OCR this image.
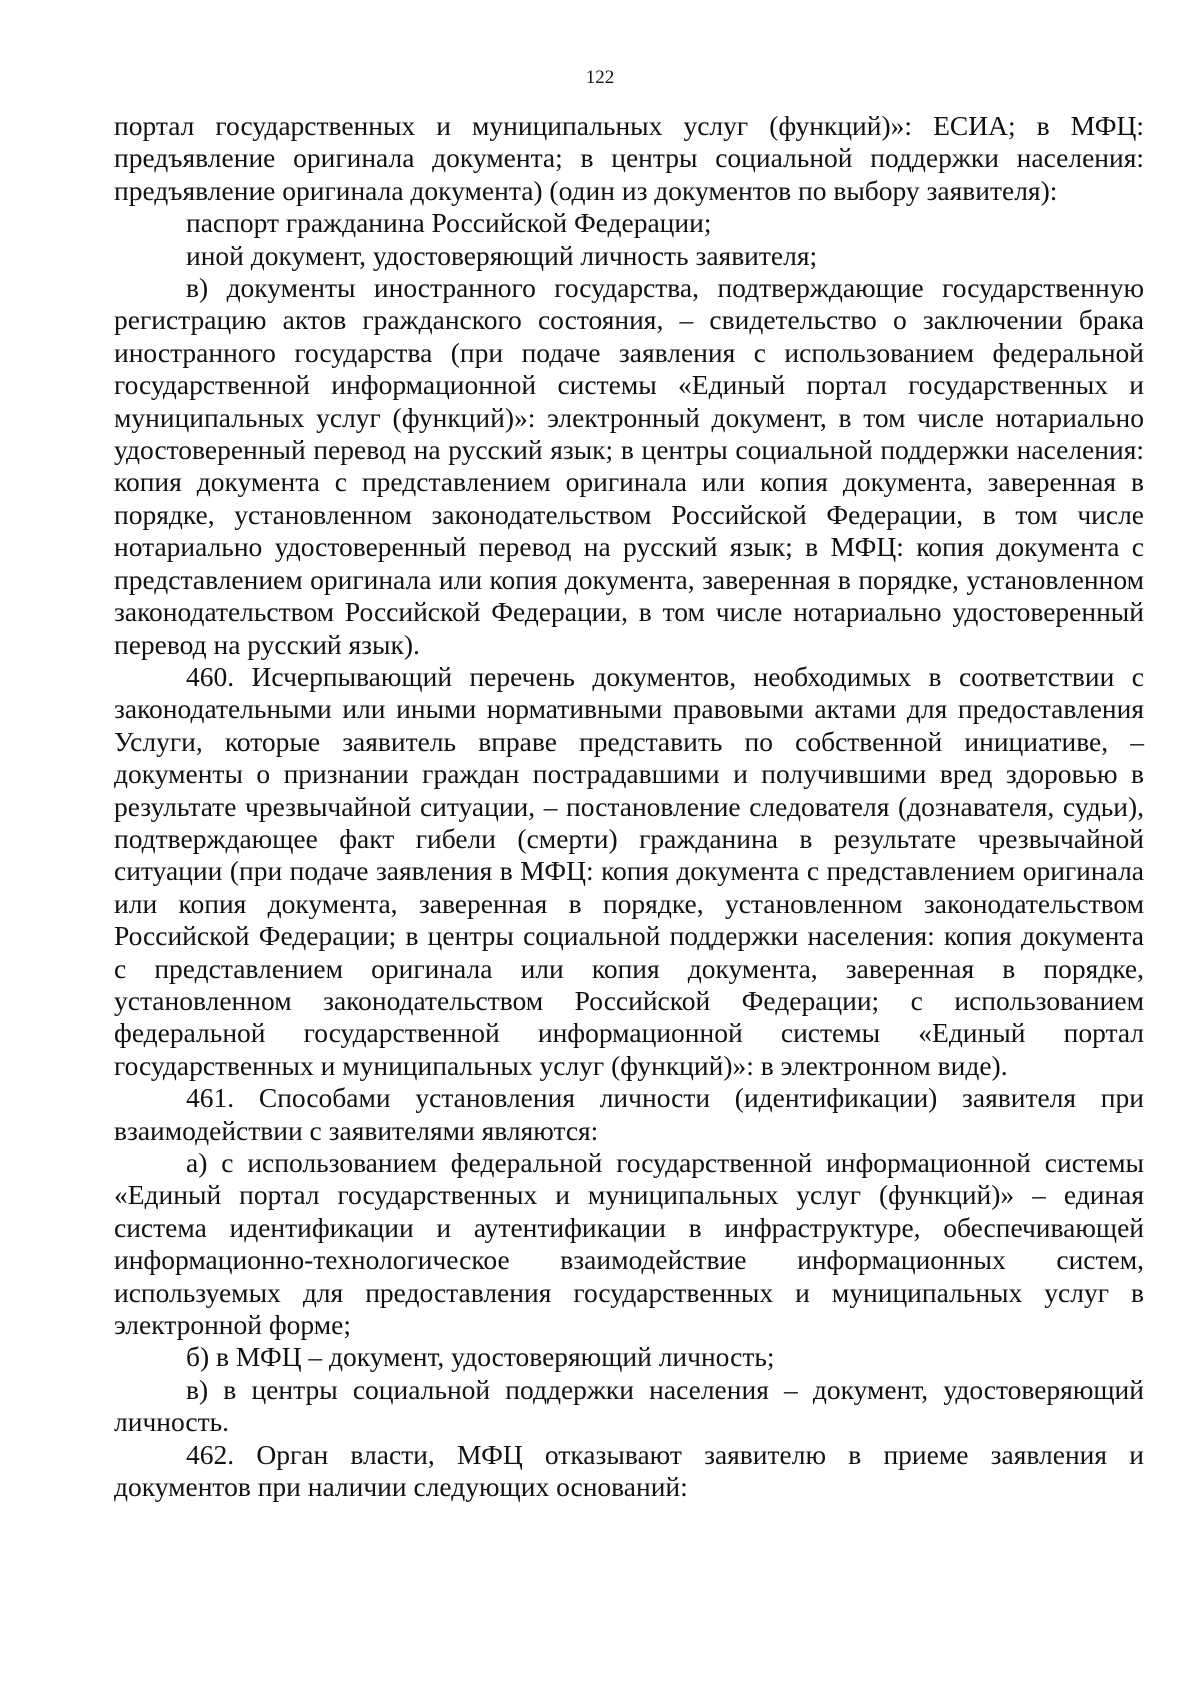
122

портал государственных и муниципальных услуг (функций)»: ЕСИА; в МФЦ: предъявление оригинала документа; в центры социальной поддержки населения: предъявление оригинала документа) (один из документов по выбору заявителя):

паспорт гражданина Российской Федерации;

иной документ, удостоверяющий личность заявителя;

в) документы иностранного государства, подтверждающие государственную регистрацию актов гражданского состояния, – свидетельство о заключении брака иностранного государства (при подаче заявления с использованием федеральной государственной информационной системы «Единый портал государственных и муниципальных услуг (функций)»: электронный документ, в том числе нотариально удостоверенный перевод на русский язык; в центры социальной поддержки населения: копия документа с представлением оригинала или копия документа, заверенная в порядке, установленном законодательством Российской Федерации, в том числе нотариально удостоверенный перевод на русский язык; в МФЦ: копия документа с представлением оригинала или копия документа, заверенная в порядке, установленном законодательством Российской Федерации, в том числе нотариально удостоверенный перевод на русский язык).

460. Исчерпывающий перечень документов, необходимых в соответствии с законодательными или иными нормативными правовыми актами для предоставления Услуги, которые заявитель вправе представить по собственной инициативе, – документы о признании граждан пострадавшими и получившими вред здоровью в результате чрезвычайной ситуации, – постановление следователя (дознавателя, судьи), подтверждающее факт гибели (смерти) гражданина в результате чрезвычайной ситуации (при подаче заявления в МФЦ: копия документа с представлением оригинала или копия документа, заверенная в порядке, установленном законодательством Российской Федерации; в центры социальной поддержки населения: копия документа с представлением оригинала или копия документа, заверенная в порядке, установленном законодательством Российской Федерации; с использованием федеральной государственной информационной системы «Единый портал государственных и муниципальных услуг (функций)»: в электронном виде).

461. Способами установления личности (идентификации) заявителя при взаимодействии с заявителями являются:

а) с использованием федеральной государственной информационной системы «Единый портал государственных и муниципальных услуг (функций)» – единая система идентификации и аутентификации в инфраструктуре, обеспечивающей информационно-технологическое взаимодействие информационных систем, используемых для предоставления государственных и муниципальных услуг в электронной форме;

б) в МФЦ – документ, удостоверяющий личность;

в) в центры социальной поддержки населения – документ, удостоверяющий личность.

462. Орган власти, МФЦ отказывают заявителю в приеме заявления и документов при наличии следующих оснований:
